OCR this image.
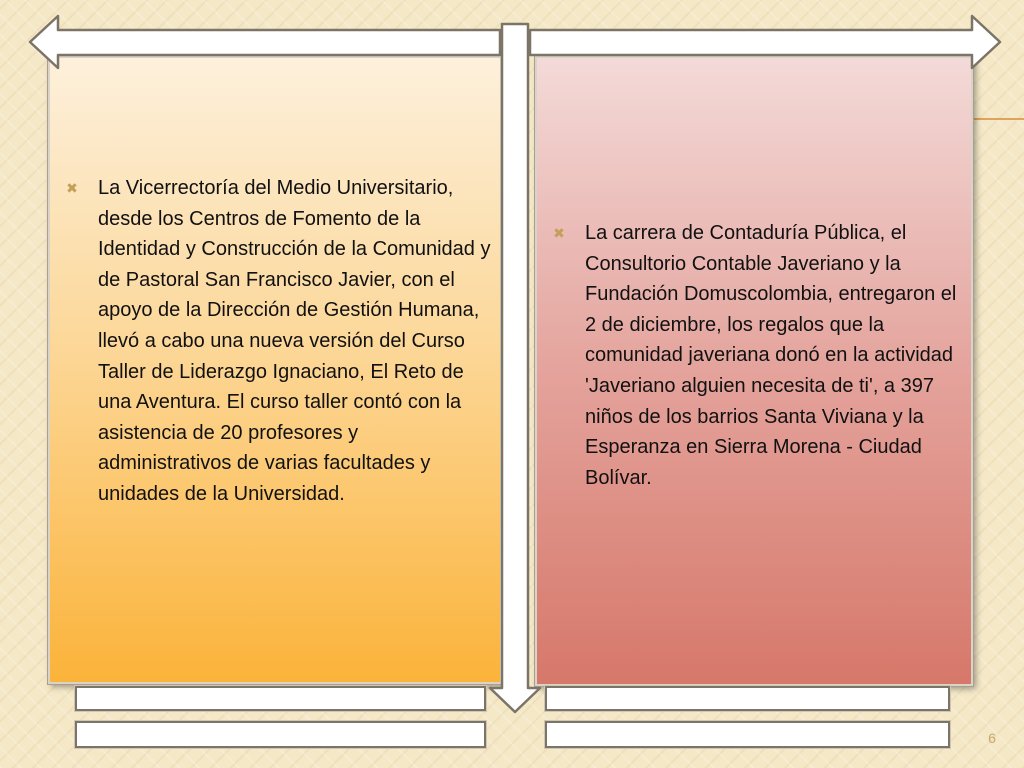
✖ La Vicerrectoría del Medio Universitario, desde los Centros de Fomento de la Identidad y Construcción de la Comunidad y de Pastoral San Francisco Javier, con el apoyo de la Dirección de Gestión Humana, llevó a cabo una nueva versión del Curso Taller de Liderazgo Ignaciano, El Reto de una Aventura. El curso taller contó con la asistencia de 20 profesores y administrativos de varias facultades y unidades de la Universidad.
✖ La carrera de Contaduría Pública, el Consultorio Contable Javeriano y la Fundación Domuscolombia, entregaron el 2 de diciembre, los regalos que la comunidad javeriana donó en la actividad 'Javeriano alguien necesita de ti', a 397 niños de los barrios Santa Viviana y la Esperanza en Sierra Morena - Ciudad Bolívar.
6
